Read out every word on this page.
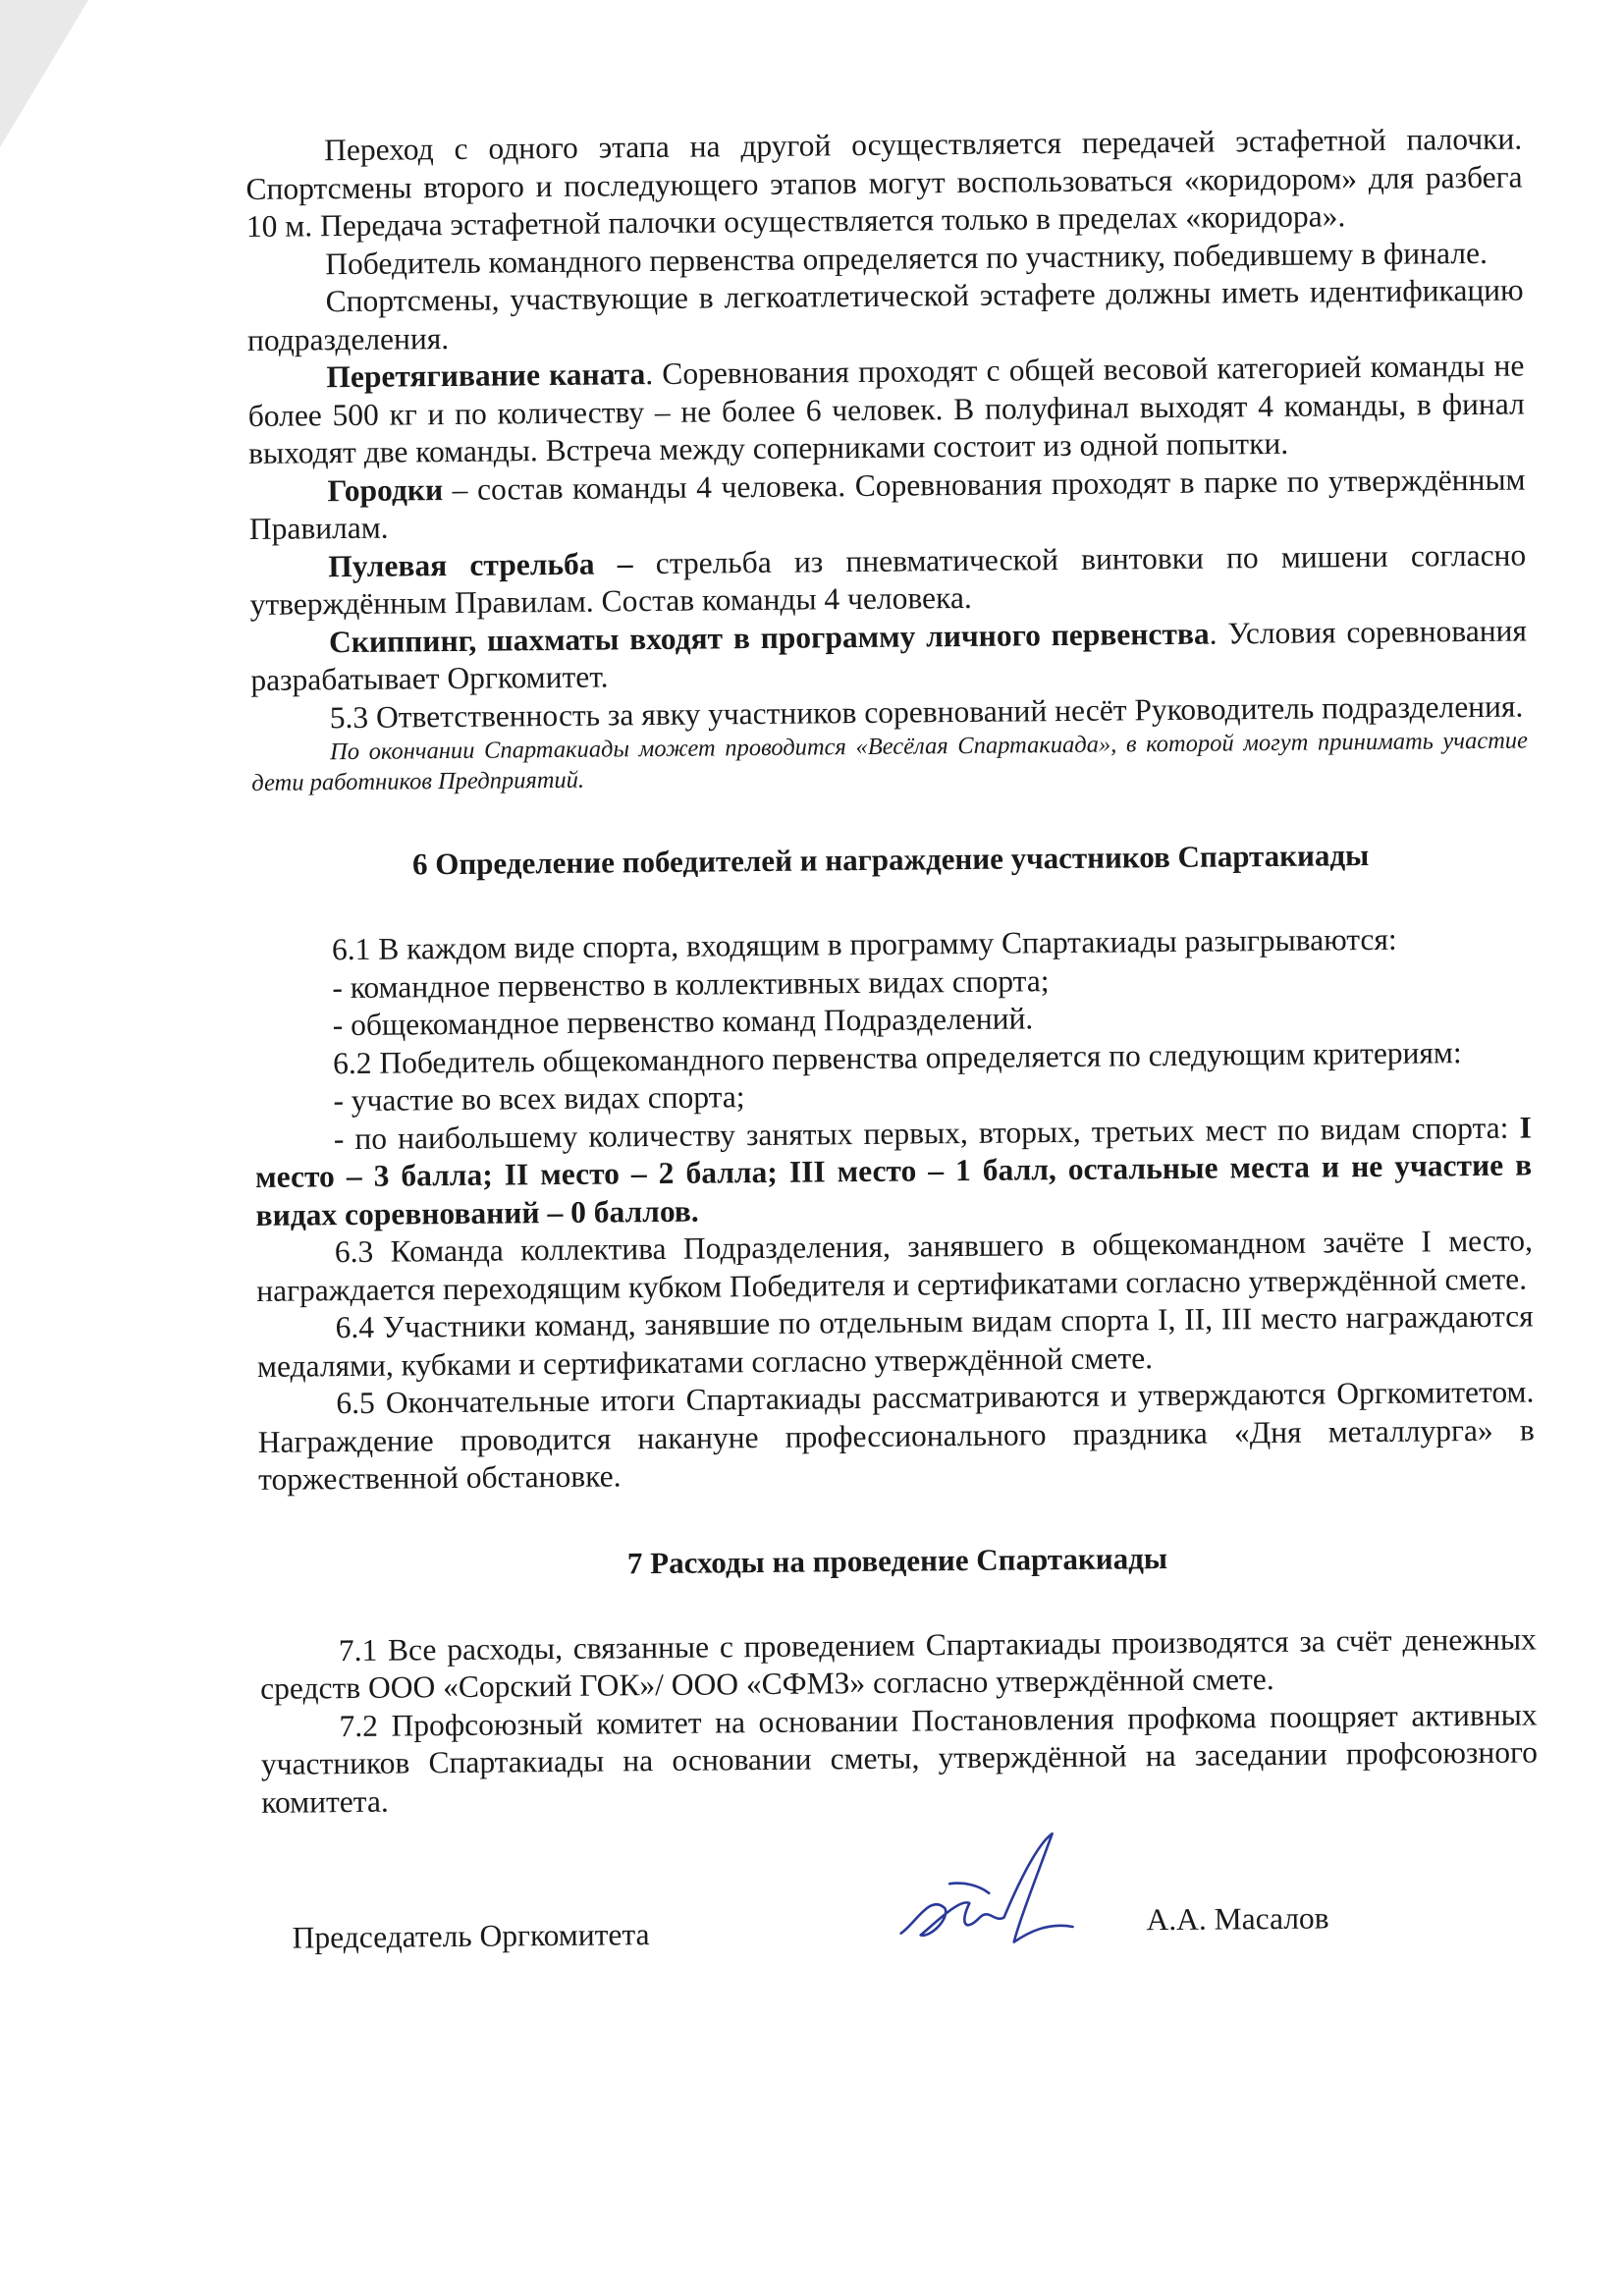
Переход с одного этапа на другой осуществляется передачей эстафетной палочки. Спортсмены второго и последующего этапов могут воспользоваться «коридором» для разбега 10 м. Передача эстафетной палочки осуществляется только в пределах «коридора».

Победитель командного первенства определяется по участнику, победившему в финале.

Спортсмены, участвующие в легкоатлетической эстафете должны иметь идентификацию подразделения.

Перетягивание каната. Соревнования проходят с общей весовой категорией команды не более 500 кг и по количеству – не более 6 человек. В полуфинал выходят 4 команды, в финал выходят две команды. Встреча между соперниками состоит из одной попытки.

Городки – состав команды 4 человека. Соревнования проходят в парке по утверждённым Правилам.

Пулевая стрельба – стрельба из пневматической винтовки по мишени согласно утверждённым Правилам. Состав команды 4 человека.

Скиппинг, шахматы входят в программу личного первенства. Условия соревнования разрабатывает Оргкомитет.

5.3 Ответственность за явку участников соревнований несёт Руководитель подразделения.

По окончании Спартакиады может проводится «Весёлая Спартакиада», в которой могут принимать участие дети работников Предприятий.

6 Определение победителей и награждение участников Спартакиады

6.1 В каждом виде спорта, входящим в программу Спартакиады разыгрываются:

- командное первенство в коллективных видах спорта;

- общекомандное первенство команд Подразделений.

6.2 Победитель общекомандного первенства определяется по следующим критериям:

- участие во всех видах спорта;

- по наибольшему количеству занятых первых, вторых, третьих мест по видам спорта: I место – 3 балла; II место – 2 балла; III место – 1 балл, остальные места и не участие в видах соревнований – 0 баллов.

6.3 Команда коллектива Подразделения, занявшего в общекомандном зачёте I место, награждается переходящим кубком Победителя и сертификатами согласно утверждённой смете.

6.4 Участники команд, занявшие по отдельным видам спорта I, II, III место награждаются медалями, кубками и сертификатами согласно утверждённой смете.

6.5 Окончательные итоги Спартакиады рассматриваются и утверждаются Оргкомитетом. Награждение проводится накануне профессионального праздника «Дня металлурга» в торжественной обстановке.

7 Расходы на проведение Спартакиады

7.1 Все расходы, связанные с проведением Спартакиады производятся за счёт денежных средств ООО «Сорский ГОК»/ ООО «СФМЗ» согласно утверждённой смете.

7.2 Профсоюзный комитет на основании Постановления профкома поощряет активных участников Спартакиады на основании сметы, утверждённой на заседании профсоюзного комитета.

Председатель Оргкомитета	А.А. Масалов
